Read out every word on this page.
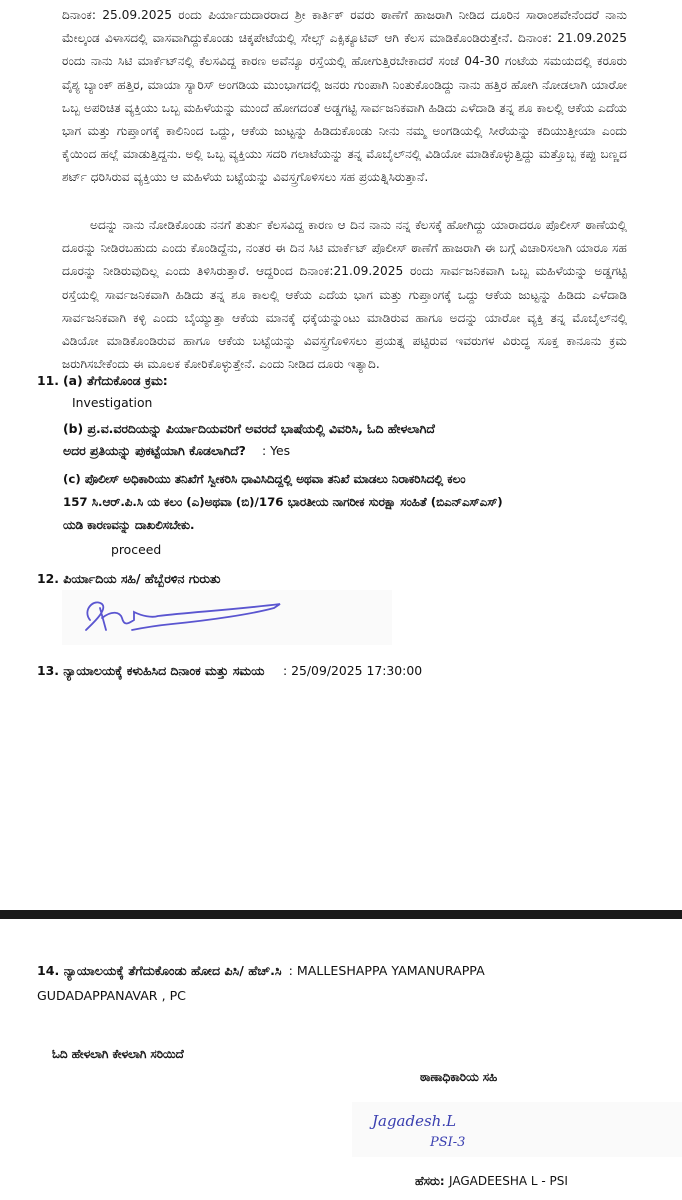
ದಿನಾಂಕ: 25.09.2025 ರಂದು ಪಿರ್ಯಾದುದಾರರಾದ ಶ್ರೀ ಕಾರ್ತಿಕ್ ರವರು ಠಾಣೆಗೆ ಹಾಜರಾಗಿ ನೀಡಿದ ದೂರಿನ ಸಾರಾಂಶವೇನೆಂದರೆ ನಾನು ಮೇಲ್ಕಂಡ ವಿಳಾಸದಲ್ಲಿ ವಾಸವಾಗಿದ್ದುಕೊಂಡು ಚಿಕ್ಕಪೇಟೆಯಲ್ಲಿ ಸೇಲ್ಸ್ ಎಕ್ಸಿಕ್ಯೂಟಿವ್ ಆಗಿ ಕೆಲಸ ಮಾಡಿಕೊಂಡಿರುತ್ತೇನೆ. ದಿನಾಂಕ: 21.09.2025 ರಂದು ನಾನು ಸಿಟಿ ಮಾರ್ಕೆಟ್‌ನಲ್ಲಿ ಕೆಲಸವಿದ್ದ ಕಾರಣ ಅವೆನ್ಯೂ ರಸ್ತೆಯಲ್ಲಿ ಹೋಗುತ್ತಿರಬೇಕಾದರೆ ಸಂಜೆ 04-30 ಗಂಟೆಯ ಸಮಯದಲ್ಲಿ ಕರೂರು ವೈಶ್ಯ ಬ್ಯಾಂಕ್ ಹತ್ತಿರ, ಮಾಯಾ ಸ್ಯಾರಿಸ್ ಅಂಗಡಿಯ ಮುಂಭಾಗದಲ್ಲಿ ಜನರು ಗುಂಪಾಗಿ ನಿಂತುಕೊಂಡಿದ್ದು ನಾನು ಹತ್ತಿರ ಹೋಗಿ ನೋಡಲಾಗಿ ಯಾರೋ ಒಬ್ಬ ಅಪರಿಚಿತ ವ್ಯಕ್ತಿಯು ಒಬ್ಬ ಮಹಿಳೆಯನ್ನು ಮುಂದೆ ಹೋಗದಂತೆ ಅಡ್ಡಗಟ್ಟಿ ಸಾರ್ವಜನಿಕವಾಗಿ ಹಿಡಿದು ಎಳೆದಾಡಿ ತನ್ನ ಶೂ ಕಾಲಲ್ಲಿ ಆಕೆಯ ಎದೆಯ ಭಾಗ ಮತ್ತು ಗುಪ್ತಾಂಗಕ್ಕೆ ಕಾಲಿನಿಂದ ಒದ್ದು, ಆಕೆಯ ಜುಟ್ಟನ್ನು ಹಿಡಿದುಕೊಂಡು ನೀನು ನಮ್ಮ ಅಂಗಡಿಯಲ್ಲಿ ಸೀರೆಯನ್ನು ಕದಿಯುತ್ತೀಯಾ ಎಂದು ಕೈಯಿಂದ ಹಲ್ಲೆ ಮಾಡುತ್ತಿದ್ದನು. ಅಲ್ಲಿ ಒಬ್ಬ ವ್ಯಕ್ತಿಯು ಸದರಿ ಗಲಾಟೆಯನ್ನು ತನ್ನ ಮೊಬೈಲ್‌ನಲ್ಲಿ ವಿಡಿಯೋ ಮಾಡಿಕೊಳ್ಳುತ್ತಿದ್ದು ಮತ್ತೊಬ್ಬ ಕಪ್ಪು ಬಣ್ಣದ ಶರ್ಟ್ ಧರಿಸಿರುವ ವ್ಯಕ್ತಿಯು ಆ ಮಹಿಳೆಯ ಬಟ್ಟೆಯನ್ನು ವಿವಸ್ತ್ರಗೊಳಿಸಲು ಸಹ ಪ್ರಯತ್ನಿಸಿರುತ್ತಾನೆ.

ಅದನ್ನು ನಾನು ನೋಡಿಕೊಂಡು ನನಗೆ ತುರ್ತು ಕೆಲಸವಿದ್ದ ಕಾರಣ ಆ ದಿನ ನಾನು ನನ್ನ ಕೆಲಸಕ್ಕೆ ಹೋಗಿದ್ದು ಯಾರಾದರೂ ಪೊಲೀಸ್ ಠಾಣೆಯಲ್ಲಿ ದೂರನ್ನು ನೀಡಿರಬಹುದು ಎಂದು ಕೊಂಡಿದ್ದೆನು, ನಂತರ ಈ ದಿನ ಸಿಟಿ ಮಾರ್ಕೆಟ್ ಪೊಲೀಸ್ ಠಾಣೆಗೆ ಹಾಜರಾಗಿ ಈ ಬಗ್ಗೆ ವಿಚಾರಿಸಲಾಗಿ ಯಾರೂ ಸಹ ದೂರನ್ನು ನೀಡಿರುವುದಿಲ್ಲ ಎಂದು ತಿಳಿಸಿರುತ್ತಾರೆ. ಆದ್ದರಿಂದ ದಿನಾಂಕ:21.09.2025 ರಂದು ಸಾರ್ವಜನಿಕವಾಗಿ ಒಬ್ಬ ಮಹಿಳೆಯನ್ನು ಅಡ್ಡಗಟ್ಟಿ ರಸ್ತೆಯಲ್ಲಿ ಸಾರ್ವಜನಿಕವಾಗಿ ಹಿಡಿದು ತನ್ನ ಶೂ ಕಾಲಲ್ಲಿ ಆಕೆಯ ಎದೆಯ ಭಾಗ ಮತ್ತು ಗುಪ್ತಾಂಗಕ್ಕೆ ಒದ್ದು ಆಕೆಯ ಜುಟ್ಟನ್ನು ಹಿಡಿದು ಎಳೆದಾಡಿ ಸಾರ್ವಜನಿಕವಾಗಿ ಕಳ್ಳಿ ಎಂದು ಬೈಯ್ಯುತ್ತಾ ಆಕೆಯ ಮಾನಕ್ಕೆ ಧಕ್ಕೆಯನ್ನುಂಟು ಮಾಡಿರುವ ಹಾಗೂ ಅದನ್ನು ಯಾರೋ ವ್ಯಕ್ತಿ ತನ್ನ ಮೊಬೈಲ್‌ನಲ್ಲಿ ವಿಡಿಯೋ ಮಾಡಿಕೊಂಡಿರುವ ಹಾಗೂ ಆಕೆಯ ಬಟ್ಟೆಯನ್ನು ವಿವಸ್ತ್ರಗೊಳಿಸಲು ಪ್ರಯತ್ನ ಪಟ್ಟಿರುವ ಇವರುಗಳ ವಿರುದ್ಧ ಸೂಕ್ತ ಕಾನೂನು ಕ್ರಮ ಜರುಗಿಸಬೇಕೆಂದು ಈ ಮೂಲಕ ಕೋರಿಕೊಳ್ಳುತ್ತೇನೆ. ಎಂದು ನೀಡಿದ ದೂರು ಇತ್ಯಾದಿ.

11. (a) ತೆಗೆದುಕೊಂಡ ಕ್ರಮ:
Investigation
(b) ಪ್ರ.ವ.ವರದಿಯನ್ನು ಪಿರ್ಯಾದಿಯವರಿಗೆ ಅವರದೆ ಭಾಷೆಯಲ್ಲಿ ವಿವರಿಸಿ, ಓದಿ ಹೇಳಲಾಗಿದೆ
ಅದರ ಪ್ರತಿಯನ್ನು ಪುಕಟ್ಟೆಯಾಗಿ ಕೊಡಲಾಗಿದೆ? : Yes
(c) ಪೊಲೀಸ್ ಅಧಿಕಾರಿಯು ತನಿಖೆಗೆ ಸ್ವೀಕರಿಸಿ ಧಾವಿಸಿದಿದ್ದಲ್ಲಿ ಅಥವಾ ತನಿಖೆ ಮಾಡಲು ನಿರಾಕರಿಸಿದಲ್ಲಿ ಕಲಂ
157 ಸಿ.ಆರ್.ಪಿ.ಸಿ ಯ ಕಲಂ (ಎ)ಅಥವಾ (ಬಿ)/176 ಭಾರತೀಯ ನಾಗರೀಕ ಸುರಕ್ಷಾ ಸಂಹಿತೆ (ಬಿಎನ್‌ಎಸ್‌ಎಸ್)
ಯಡಿ ಕಾರಣವನ್ನು ದಾಖಲಿಸಬೇಕು.
proceed
12. ಪಿರ್ಯಾದಿಯ ಸಹಿ/ ಹೆಬ್ಬೆರಳಿನ ಗುರುತು
13. ನ್ಯಾಯಾಲಯಕ್ಕೆ ಕಳುಹಿಸಿದ ದಿನಾಂಕ ಮತ್ತು ಸಮಯ : 25/09/2025 17:30:00
14. ನ್ಯಾಯಾಲಯಕ್ಕೆ ತೆಗೆದುಕೊಂಡು ಹೋದ ಪಿಸಿ/ ಹೆಚ್.ಸಿ : MALLESHAPPA YAMANURAPPA
GUDADAPPANAVAR , PC
ಓದಿ ಹೇಳಲಾಗಿ ಕೇಳಲಾಗಿ ಸರಿಯಿದೆ
ಠಾಣಾಧಿಕಾರಿಯ ಸಹಿ
Jagadesh.L
PSI-3
ಹೆಸರು: JAGADEESHA L - PSI
